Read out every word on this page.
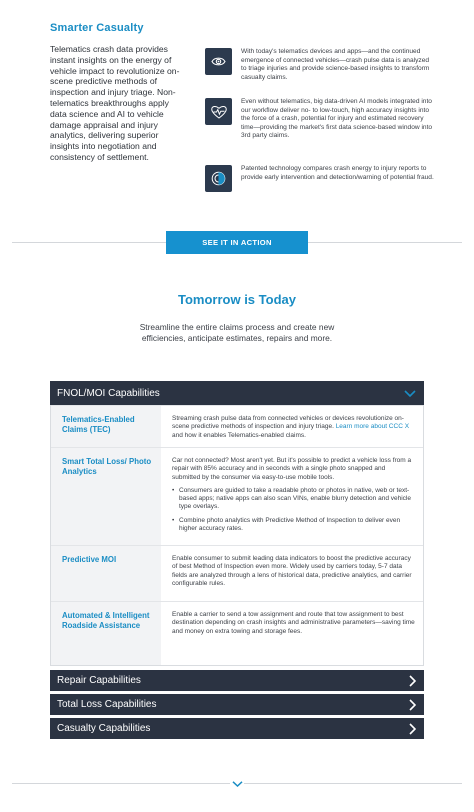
Smarter Casualty
Telematics crash data provides instant insights on the energy of vehicle impact to revolutionize on-scene predictive methods of inspection and injury triage. Non-telematics breakthroughs apply data science and AI to vehicle damage appraisal and injury analytics, delivering superior insights into negotiation and consistency of settlement.
With today's telematics devices and apps—and the continued emergence of connected vehicles—crash pulse data is analyzed to triage injuries and provide science-based insights to transform casualty claims.
Even without telematics, big data-driven AI models integrated into our workflow deliver no- to low-touch, high accuracy insights into the force of a crash, potential for injury and estimated recovery time—providing the market's first data science-based window into 3rd party claims.
Patented technology compares crash energy to injury reports to provide early intervention and detection/warning of potential fraud.
SEE IT IN ACTION
Tomorrow is Today
Streamline the entire claims process and create new efficiencies, anticipate estimates, repairs and more.
FNOL/MOI Capabilities
Telematics-Enabled Claims (TEC)
Streaming crash pulse data from connected vehicles or devices revolutionize on-scene predictive methods of inspection and injury triage. Learn more about CCC X and how it enables Telematics-enabled claims.
Smart Total Loss/ Photo Analytics
Car not connected? Most aren't yet. But it's possible to predict a vehicle loss from a repair with 85% accuracy and in seconds with a single photo snapped and submitted by the consumer via easy-to-use mobile tools.
• Consumers are guided to take a readable photo or photos in native, web or text-based apps; native apps can also scan VINs, enable blurry detection and vehicle type overlays.
• Combine photo analytics with Predictive Method of Inspection to deliver even higher accuracy rates.
Predictive MOI	Enable consumer to submit leading data indicators to boost the predictive accuracy of best Method of Inspection even more. Widely used by carriers today, 5-7 data fields are analyzed through a lens of historical data, predictive analytics, and carrier configurable rules.
Automated & Intelligent Roadside Assistance
Enable a carrier to send a tow assignment and route that tow assignment to best destination depending on crash insights and administrative parameters—saving time and money on extra towing and storage fees.
Repair Capabilities
Total Loss Capabilities
Casualty Capabilities
